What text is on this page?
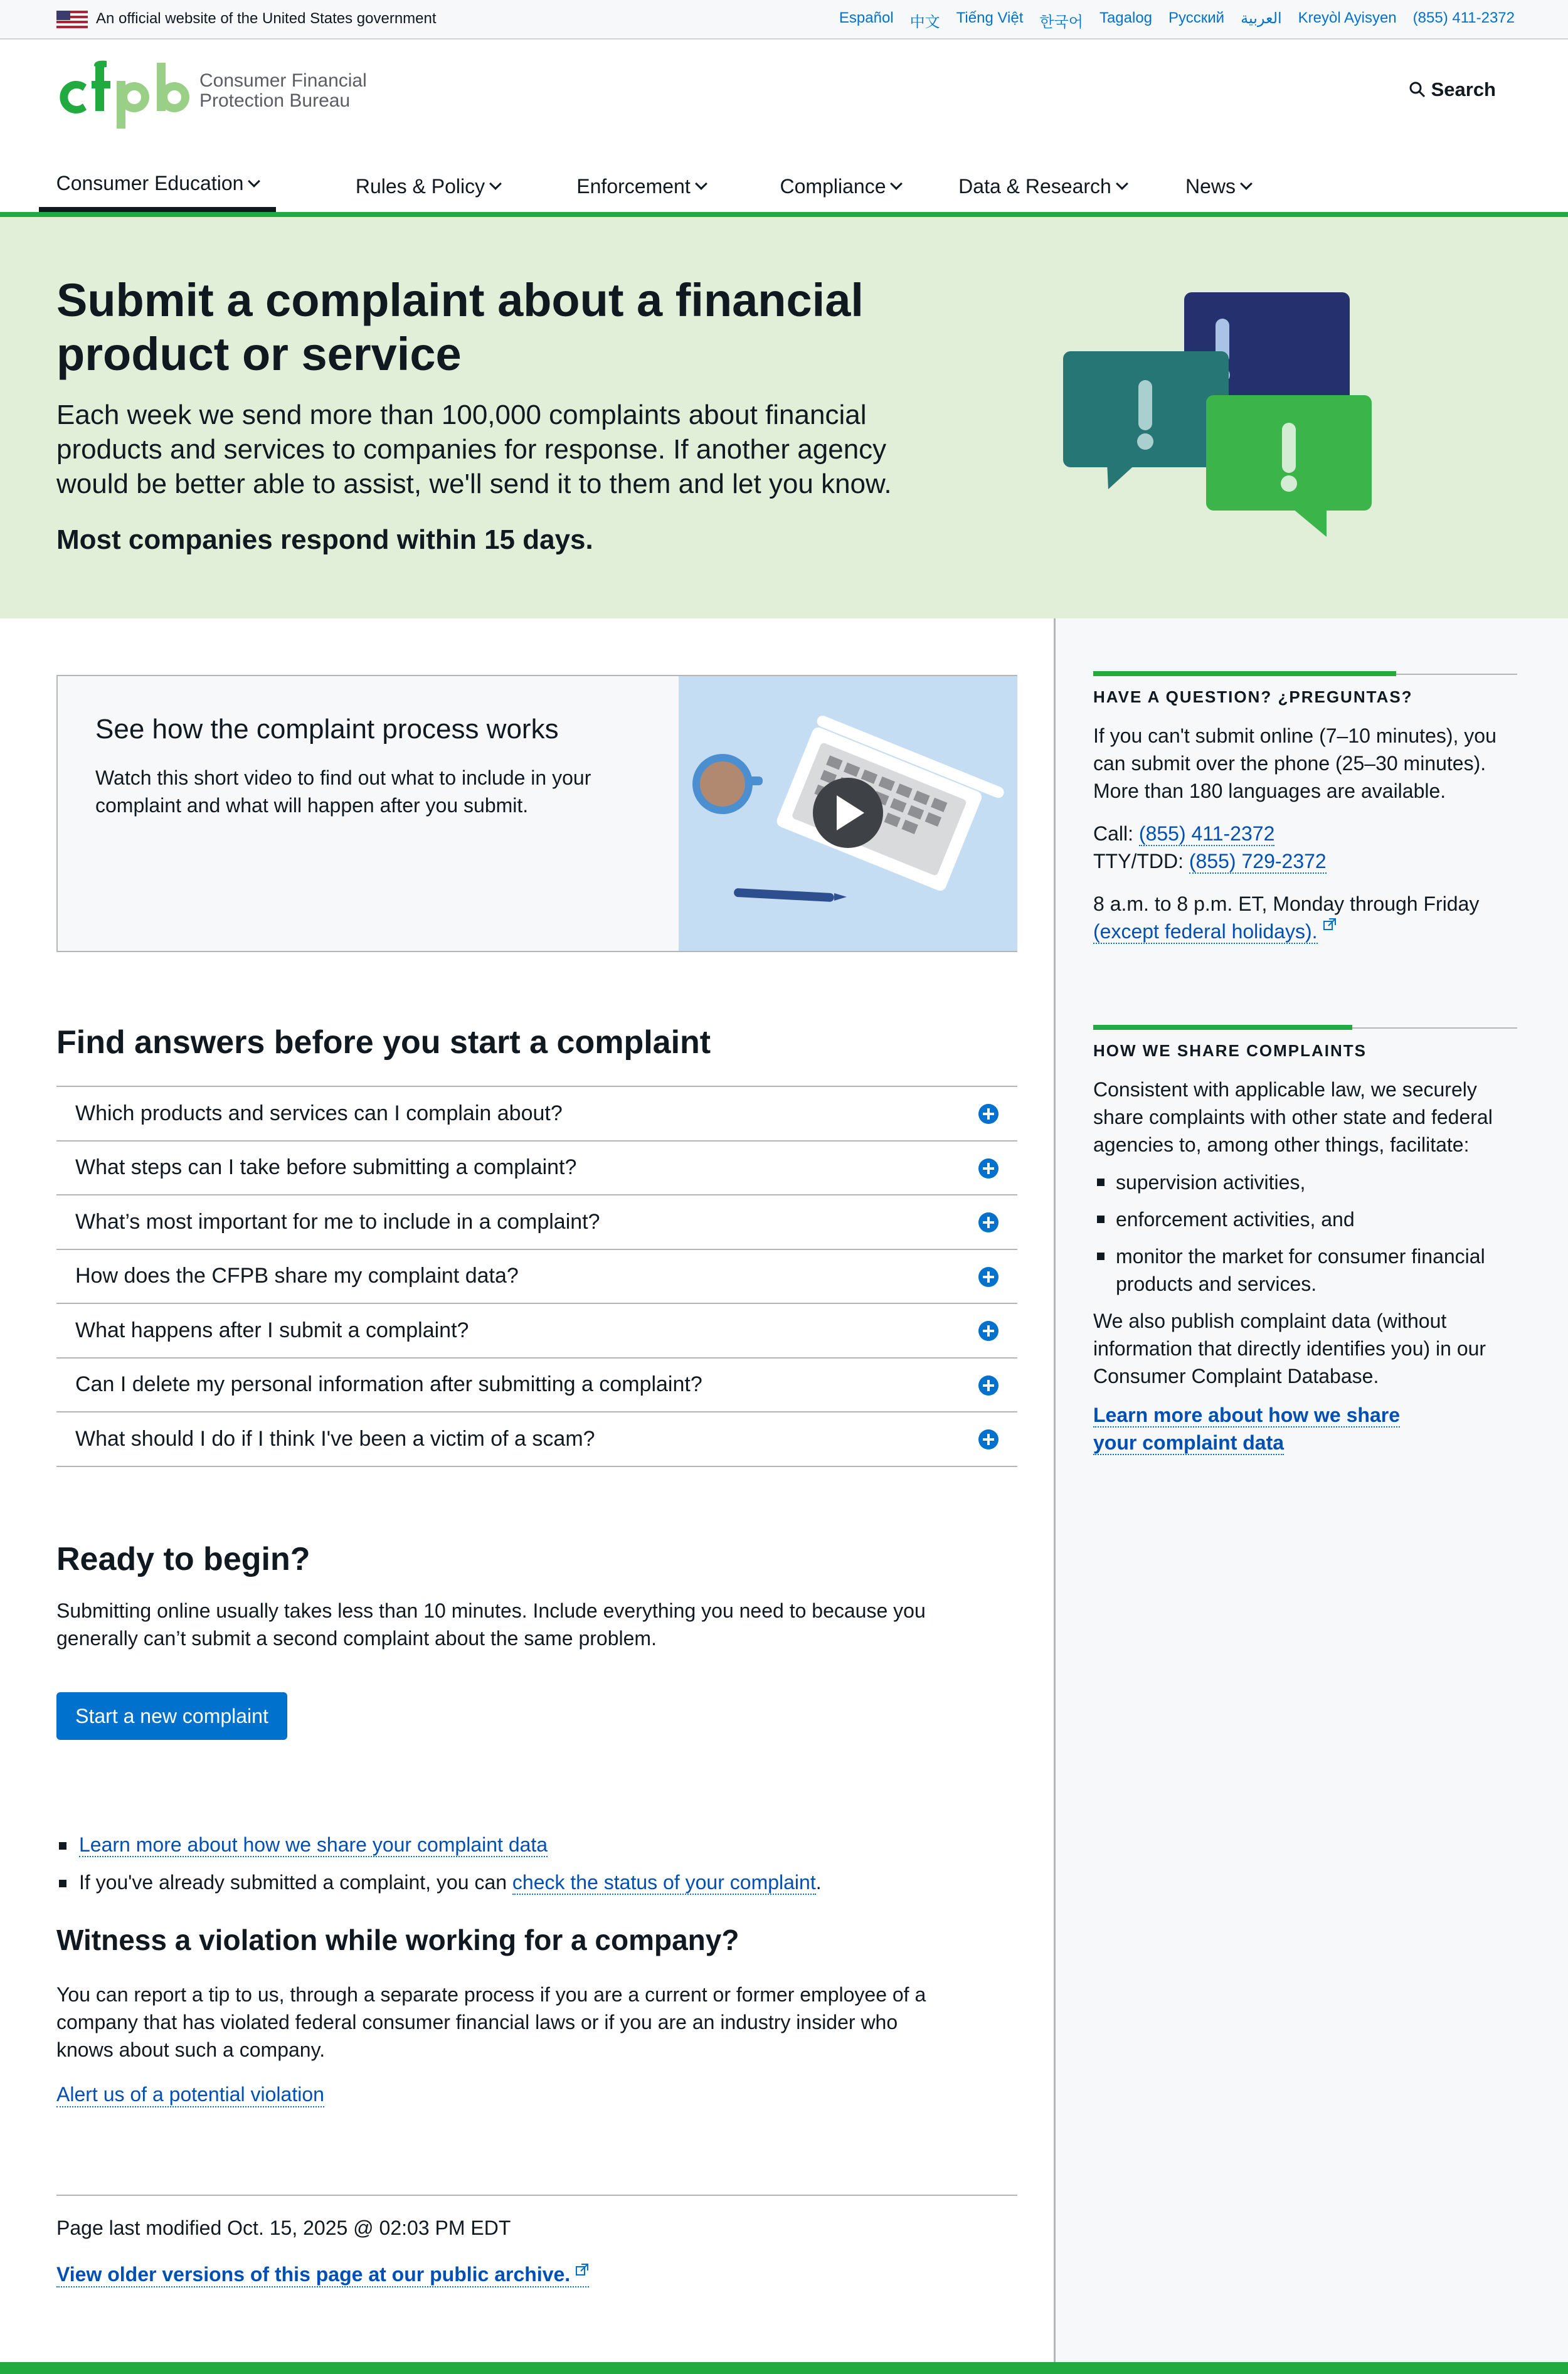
An official website of the United States government	Español 中文 Tiếng Việt 한국어 Tagalog Русский العربية Kreyòl Ayisyen (855) 411-2372
Consumer Financial
Protection Bureau
Search
Consumer Education	Rules & Policy	Enforcement	Compliance	Data & Research	News
Submit a complaint about a financial product or service

Each week we send more than 100,000 complaints about financial products and services to companies for response. If another agency would be better able to assist, we'll send it to them and let you know.

Most companies respond within 15 days.

See how the complaint process works
Watch this short video to find out what to include in your complaint and what will happen after you submit.
Find answers before you start a complaint
Which products and services can I complain about?
What steps can I take before submitting a complaint?
What’s most important for me to include in a complaint?
How does the CFPB share my complaint data?
What happens after I submit a complaint?
Can I delete my personal information after submitting a complaint?
What should I do if I think I've been a victim of a scam?
Ready to begin?

Submitting online usually takes less than 10 minutes. Include everything you need to because you generally can’t submit a second complaint about the same problem.

Start a new complaint
Learn more about how we share your complaint data
If you've already submitted a complaint, you can check the status of your complaint.
Witness a violation while working for a company?

You can report a tip to us, through a separate process if you are a current or former employee of a company that has violated federal consumer financial laws or if you are an industry insider who knows about such a company.

Alert us of a potential violation

Page last modified Oct. 15, 2025 @ 02:03 PM EDT

View older versions of this page at our public archive.
HAVE A QUESTION? ¿PREGUNTAS?

If you can't submit online (7–10 minutes), you can submit over the phone (25–30 minutes). More than 180 languages are available.

Call: (855) 411-2372
TTY/TDD: (855) 729-2372

8 a.m. to 8 p.m. ET, Monday through Friday
(except federal holidays).

HOW WE SHARE COMPLAINTS

Consistent with applicable law, we securely share complaints with other state and federal agencies to, among other things, facilitate:

supervision activities,
enforcement activities, and
monitor the market for consumer financial products and services.

We also publish complaint data (without information that directly identifies you) in our Consumer Complaint Database.

Learn more about how we share your complaint data
